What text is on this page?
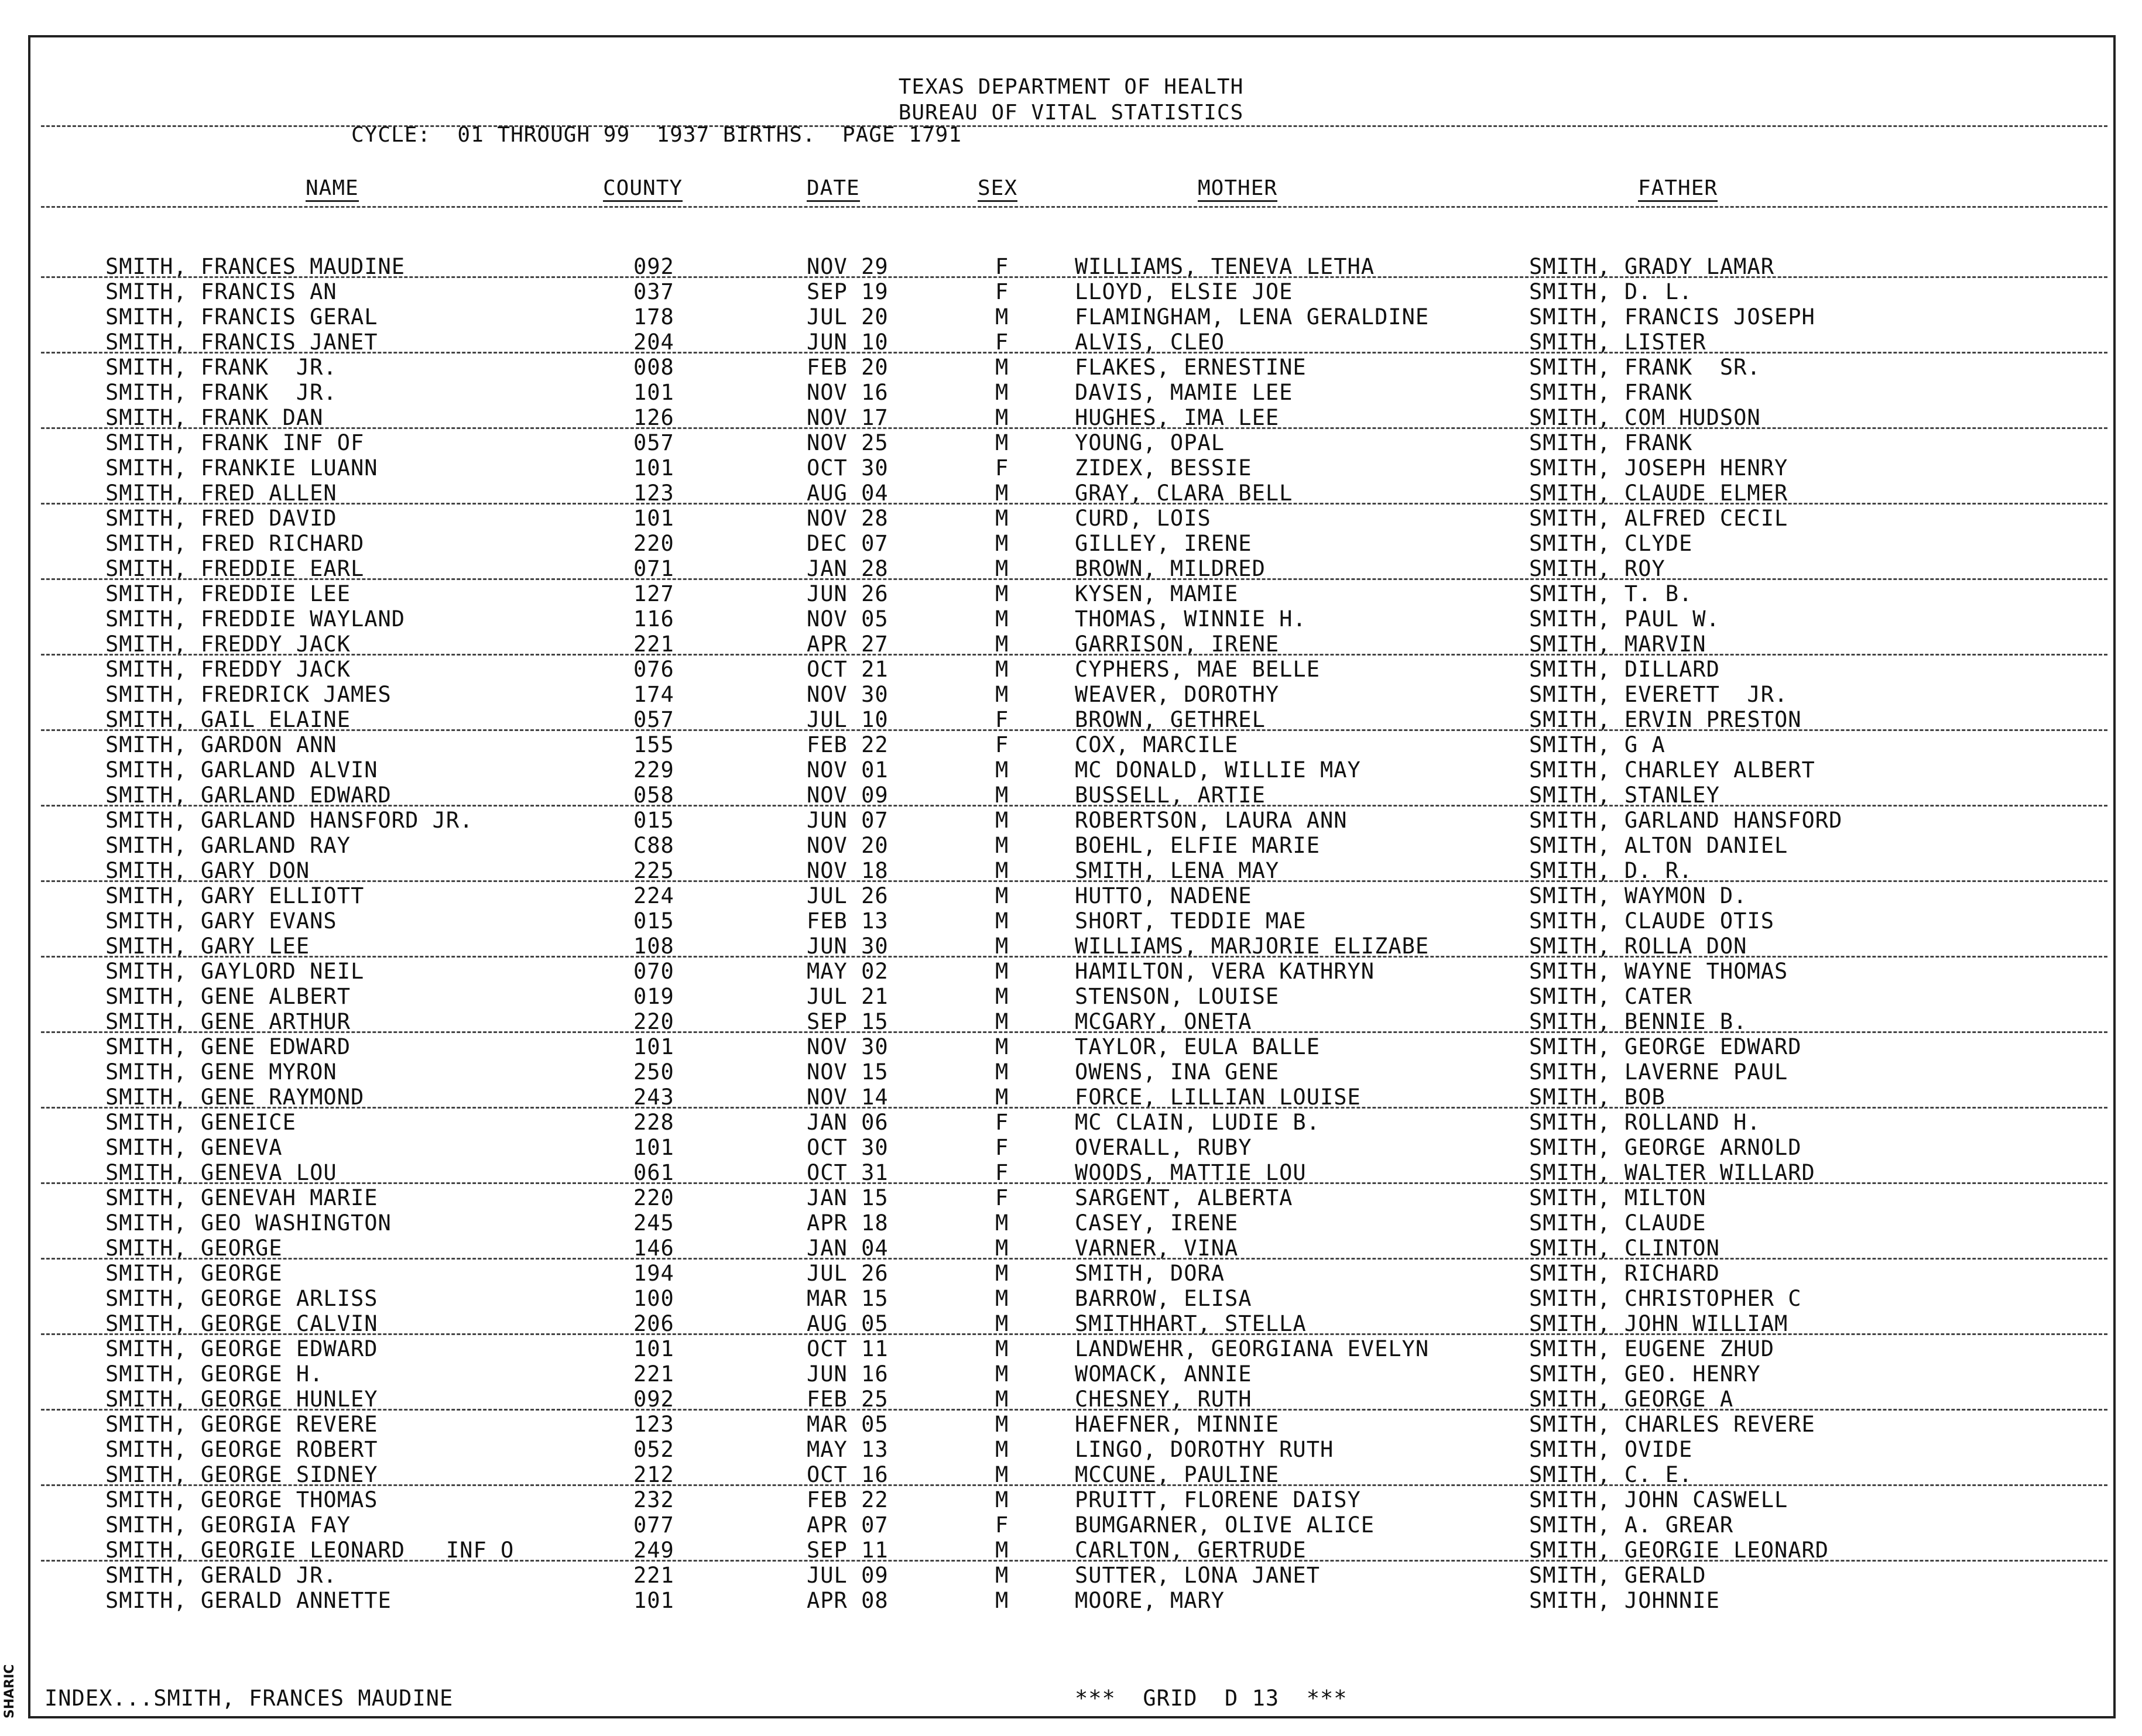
TEXAS DEPARTMENT OF HEALTH
BUREAU OF VITAL STATISTICS
CYCLE:  01 THROUGH 99  1937 BIRTHS.  PAGE 1791
NAME	COUNTY	DATE	SEX	MOTHER	FATHER
SMITH, FRANCES MAUDINE	092	NOV 29	F	WILLIAMS, TENEVA LETHA	SMITH, GRADY LAMAR
SMITH, FRANCIS AN	037	SEP 19	F	LLOYD, ELSIE JOE	SMITH, D. L.
SMITH, FRANCIS GERAL	178	JUL 20	M	FLAMINGHAM, LENA GERALDINE	SMITH, FRANCIS JOSEPH
SMITH, FRANCIS JANET	204	JUN 10	F	ALVIS, CLEO	SMITH, LISTER
SMITH, FRANK  JR.	008	FEB 20	M	FLAKES, ERNESTINE	SMITH, FRANK  SR.
SMITH, FRANK  JR.	101	NOV 16	M	DAVIS, MAMIE LEE	SMITH, FRANK
SMITH, FRANK DAN	126	NOV 17	M	HUGHES, IMA LEE	SMITH, COM HUDSON
SMITH, FRANK INF OF	057	NOV 25	M	YOUNG, OPAL	SMITH, FRANK
SMITH, FRANKIE LUANN	101	OCT 30	F	ZIDEX, BESSIE	SMITH, JOSEPH HENRY
SMITH, FRED ALLEN	123	AUG 04	M	GRAY, CLARA BELL	SMITH, CLAUDE ELMER
SMITH, FRED DAVID	101	NOV 28	M	CURD, LOIS	SMITH, ALFRED CECIL
SMITH, FRED RICHARD	220	DEC 07	M	GILLEY, IRENE	SMITH, CLYDE
SMITH, FREDDIE EARL	071	JAN 28	M	BROWN, MILDRED	SMITH, ROY
SMITH, FREDDIE LEE	127	JUN 26	M	KYSEN, MAMIE	SMITH, T. B.
SMITH, FREDDIE WAYLAND	116	NOV 05	M	THOMAS, WINNIE H.	SMITH, PAUL W.
SMITH, FREDDY JACK	221	APR 27	M	GARRISON, IRENE	SMITH, MARVIN
SMITH, FREDDY JACK	076	OCT 21	M	CYPHERS, MAE BELLE	SMITH, DILLARD
SMITH, FREDRICK JAMES	174	NOV 30	M	WEAVER, DOROTHY	SMITH, EVERETT  JR.
SMITH, GAIL ELAINE	057	JUL 10	F	BROWN, GETHREL	SMITH, ERVIN PRESTON
SMITH, GARDON ANN	155	FEB 22	F	COX, MARCILE	SMITH, G A
SMITH, GARLAND ALVIN	229	NOV 01	M	MC DONALD, WILLIE MAY	SMITH, CHARLEY ALBERT
SMITH, GARLAND EDWARD	058	NOV 09	M	BUSSELL, ARTIE	SMITH, STANLEY
SMITH, GARLAND HANSFORD JR.	015	JUN 07	M	ROBERTSON, LAURA ANN	SMITH, GARLAND HANSFORD
SMITH, GARLAND RAY	C88	NOV 20	M	BOEHL, ELFIE MARIE	SMITH, ALTON DANIEL
SMITH, GARY DON	225	NOV 18	M	SMITH, LENA MAY	SMITH, D. R.
SMITH, GARY ELLIOTT	224	JUL 26	M	HUTTO, NADENE	SMITH, WAYMON D.
SMITH, GARY EVANS	015	FEB 13	M	SHORT, TEDDIE MAE	SMITH, CLAUDE OTIS
SMITH, GARY LEE	108	JUN 30	M	WILLIAMS, MARJORIE ELIZABE	SMITH, ROLLA DON
SMITH, GAYLORD NEIL	070	MAY 02	M	HAMILTON, VERA KATHRYN	SMITH, WAYNE THOMAS
SMITH, GENE ALBERT	019	JUL 21	M	STENSON, LOUISE	SMITH, CATER
SMITH, GENE ARTHUR	220	SEP 15	M	MCGARY, ONETA	SMITH, BENNIE B.
SMITH, GENE EDWARD	101	NOV 30	M	TAYLOR, EULA BALLE	SMITH, GEORGE EDWARD
SMITH, GENE MYRON	250	NOV 15	M	OWENS, INA GENE	SMITH, LAVERNE PAUL
SMITH, GENE RAYMOND	243	NOV 14	M	FORCE, LILLIAN LOUISE	SMITH, BOB
SMITH, GENEICE	228	JAN 06	F	MC CLAIN, LUDIE B.	SMITH, ROLLAND H.
SMITH, GENEVA	101	OCT 30	F	OVERALL, RUBY	SMITH, GEORGE ARNOLD
SMITH, GENEVA LOU	061	OCT 31	F	WOODS, MATTIE LOU	SMITH, WALTER WILLARD
SMITH, GENEVAH MARIE	220	JAN 15	F	SARGENT, ALBERTA	SMITH, MILTON
SMITH, GEO WASHINGTON	245	APR 18	M	CASEY, IRENE	SMITH, CLAUDE
SMITH, GEORGE	146	JAN 04	M	VARNER, VINA	SMITH, CLINTON
SMITH, GEORGE	194	JUL 26	M	SMITH, DORA	SMITH, RICHARD
SMITH, GEORGE ARLISS	100	MAR 15	M	BARROW, ELISA	SMITH, CHRISTOPHER C
SMITH, GEORGE CALVIN	206	AUG 05	M	SMITHHART, STELLA	SMITH, JOHN WILLIAM
SMITH, GEORGE EDWARD	101	OCT 11	M	LANDWEHR, GEORGIANA EVELYN	SMITH, EUGENE ZHUD
SMITH, GEORGE H.	221	JUN 16	M	WOMACK, ANNIE	SMITH, GEO. HENRY
SMITH, GEORGE HUNLEY	092	FEB 25	M	CHESNEY, RUTH	SMITH, GEORGE A
SMITH, GEORGE REVERE	123	MAR 05	M	HAEFNER, MINNIE	SMITH, CHARLES REVERE
SMITH, GEORGE ROBERT	052	MAY 13	M	LINGO, DOROTHY RUTH	SMITH, OVIDE
SMITH, GEORGE SIDNEY	212	OCT 16	M	MCCUNE, PAULINE	SMITH, C. E.
SMITH, GEORGE THOMAS	232	FEB 22	M	PRUITT, FLORENE DAISY	SMITH, JOHN CASWELL
SMITH, GEORGIA FAY	077	APR 07	F	BUMGARNER, OLIVE ALICE	SMITH, A. GREAR
SMITH, GEORGIE LEONARD   INF O	249	SEP 11	M	CARLTON, GERTRUDE	SMITH, GEORGIE LEONARD
SMITH, GERALD JR.	221	JUL 09	M	SUTTER, LONA JANET	SMITH, GERALD
SMITH, GERALD ANNETTE	101	APR 08	M	MOORE, MARY	SMITH, JOHNNIE
INDEX...SMITH, FRANCES MAUDINE	***  GRID  D 13  ***
SHARIC
